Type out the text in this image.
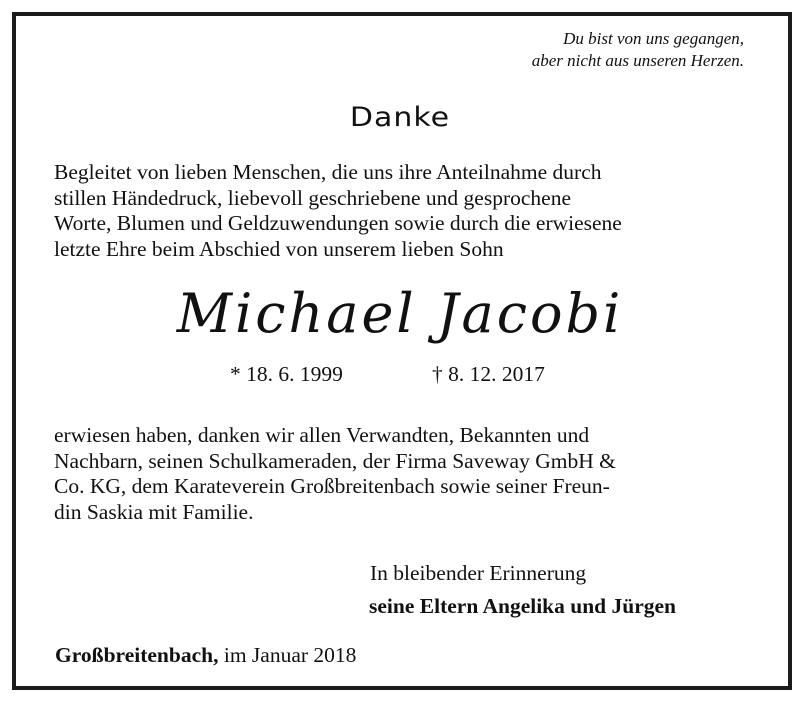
Du bist von uns gegangen,
aber nicht aus unseren Herzen.
Danke
Begleitet von lieben Menschen, die uns ihre Anteilnahme durch
stillen Händedruck, liebevoll geschriebene und gesprochene
Worte, Blumen und Geldzuwendungen sowie durch die erwiesene
letzte Ehre beim Abschied von unserem lieben Sohn
Michael Jacobi
* 18. 6. 1999	† 8. 12. 2017
erwiesen haben, danken wir allen Verwandten, Bekannten und
Nachbarn, seinen Schulkameraden, der Firma Saveway GmbH &
Co. KG, dem Karateverein Großbreitenbach sowie seiner Freun-
din Saskia mit Familie.
In bleibender Erinnerung
seine Eltern Angelika und Jürgen
Großbreitenbach, im Januar 2018
